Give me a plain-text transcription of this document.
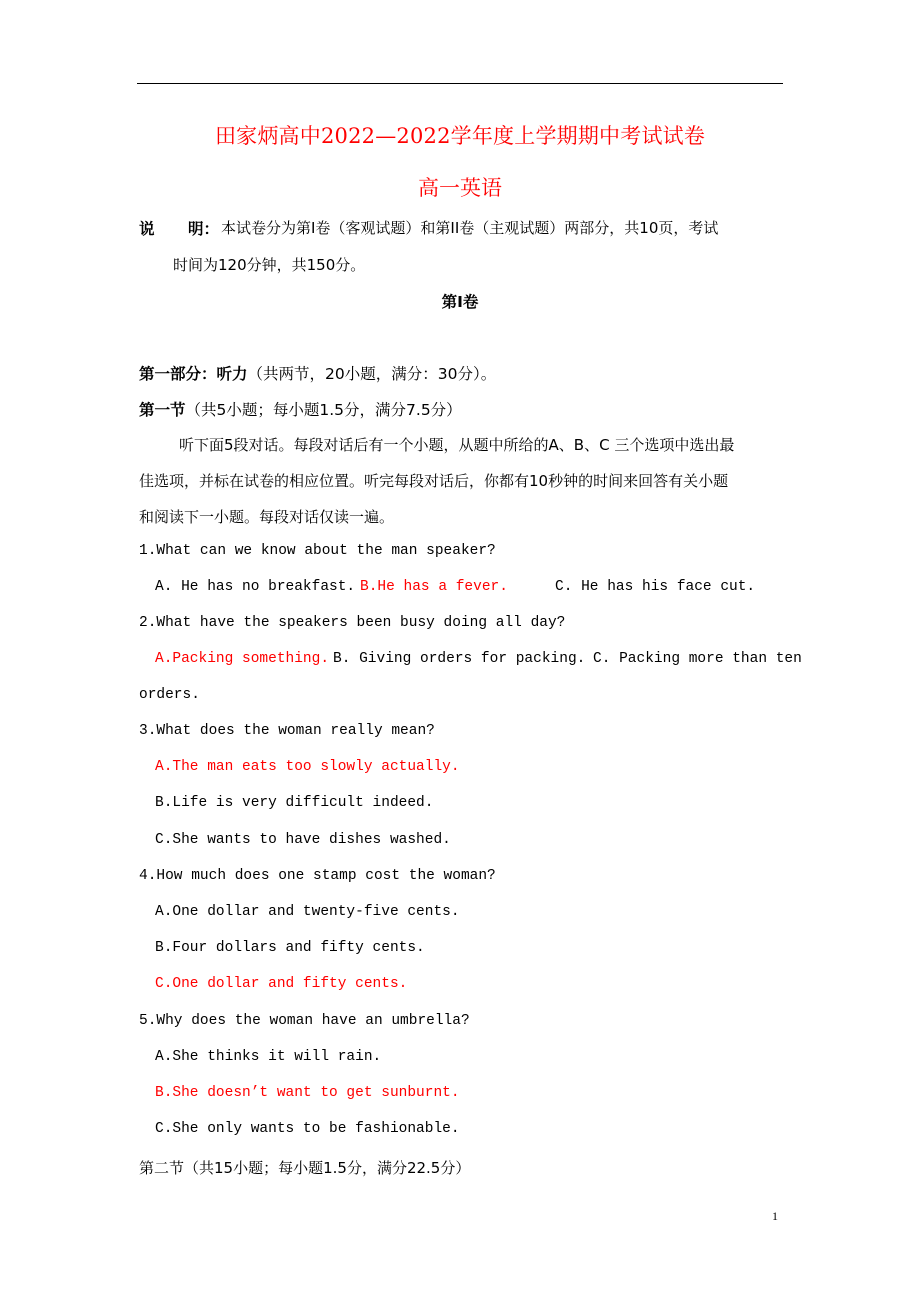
田家炳高中2022—2022学年度上学期期中考试试卷
高一英语
说 明： 本试卷分为第Ⅰ卷（客观试题）和第II卷（主观试题）两部分，共10页，考试
时间为120分钟，共150分。
第Ⅰ卷
第一部分：听力（共两节，20小题，满分：30分）。
第一节（共5小题；每小题1.5分，满分7.5分）
听下面5段对话。每段对话后有一个小题，从题中所给的A、B、C 三个选项中选出最
佳选项，并标在试卷的相应位置。听完每段对话后，你都有10秒钟的时间来回答有关小题
和阅读下一小题。每段对话仅读一遍。
1.What can we know about the man speaker?
A. He has no breakfast. B.He has a fever.	C. He has his face cut.
2.What have the speakers been busy doing all day?
A.Packing something. B. Giving orders for packing. C. Packing more than ten
orders.
3.What does the woman really mean?
A.The man eats too slowly actually.
B.Life is very difficult indeed.
C.She wants to have dishes washed.
4.How much does one stamp cost the woman?
A.One dollar and twenty-five cents.
B.Four dollars and fifty cents.
C.One dollar and fifty cents.
5.Why does the woman have an umbrella?
A.She thinks it will rain.
B.She doesn’t want to get sunburnt.
C.She only wants to be fashionable.
第二节（共15小题；每小题1.5分，满分22.5分）
1
